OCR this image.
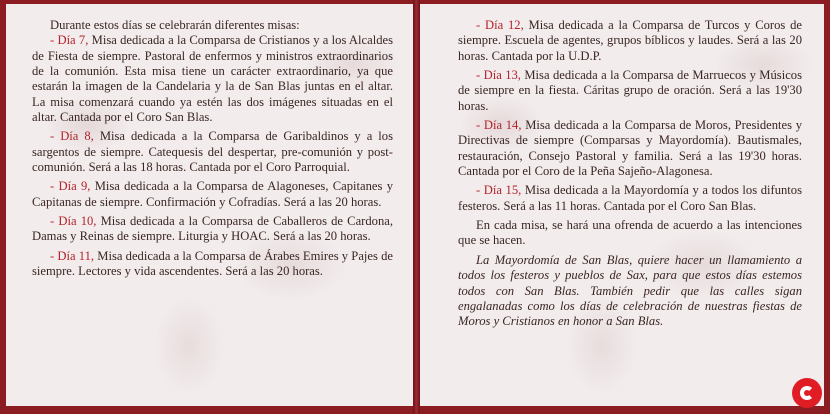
Durante estos días se celebrarán diferentes misas:

- Día 7, Misa dedicada a la Comparsa de Cristianos y a los Alcaldes de Fiesta de siempre. Pastoral de enfermos y ministros extraordinarios de la comunión. Esta misa tiene un carácter extraordinario, ya que estarán la imagen de la Candelaria y la de San Blas juntas en el altar. La misa comenzará cuando ya estén las dos imágenes situadas en el altar. Cantada por el Coro San Blas.

- Día 8, Misa dedicada a la Comparsa de Garibaldinos y a los sargentos de siempre. Catequesis del despertar, pre-comunión y post-comunión. Será a las 18 horas. Cantada por el Coro Parroquial.

- Día 9, Misa dedicada a la Comparsa de Alagoneses, Capitanes y Capitanas de siempre. Confirmación y Cofradías. Será a las 20 horas.

- Día 10, Misa dedicada a la Comparsa de Caballeros de Cardona, Damas y Reinas de siempre. Liturgia y HOAC. Será a las 20 horas.

- Día 11, Misa dedicada a la Comparsa de Árabes Emires y Pajes de siempre. Lectores y vida ascendentes. Será a las 20 horas.

- Día 12, Misa dedicada a la Comparsa de Turcos y Coros de siempre. Escuela de agentes, grupos bíblicos y laudes. Será a las 20 horas. Cantada por la U.D.P.

- Día 13, Misa dedicada a la Comparsa de Marruecos y Músicos de siempre en la fiesta. Cáritas grupo de oración. Será a las 19'30 horas.

- Día 14, Misa dedicada a la Comparsa de Moros, Presidentes y Directivas de siempre (Comparsas y Mayordomía). Bautismales, restauración, Consejo Pastoral y familia. Será a las 19'30 horas. Cantada por el Coro de la Peña Sajeño-Alagonesa.

- Día 15, Misa dedicada a la Mayordomía y a todos los difuntos festeros. Será a las 11 horas. Cantada por el Coro San Blas.

En cada misa, se hará una ofrenda de acuerdo a las intenciones que se hacen.

La Mayordomía de San Blas, quiere hacer un llamamiento a todos los festeros y pueblos de Sax, para que estos días estemos todos con San Blas. También pedir que las calles sigan engalanadas como los días de celebración de nuestras fiestas de Moros y Cristianos en honor a San Blas.
